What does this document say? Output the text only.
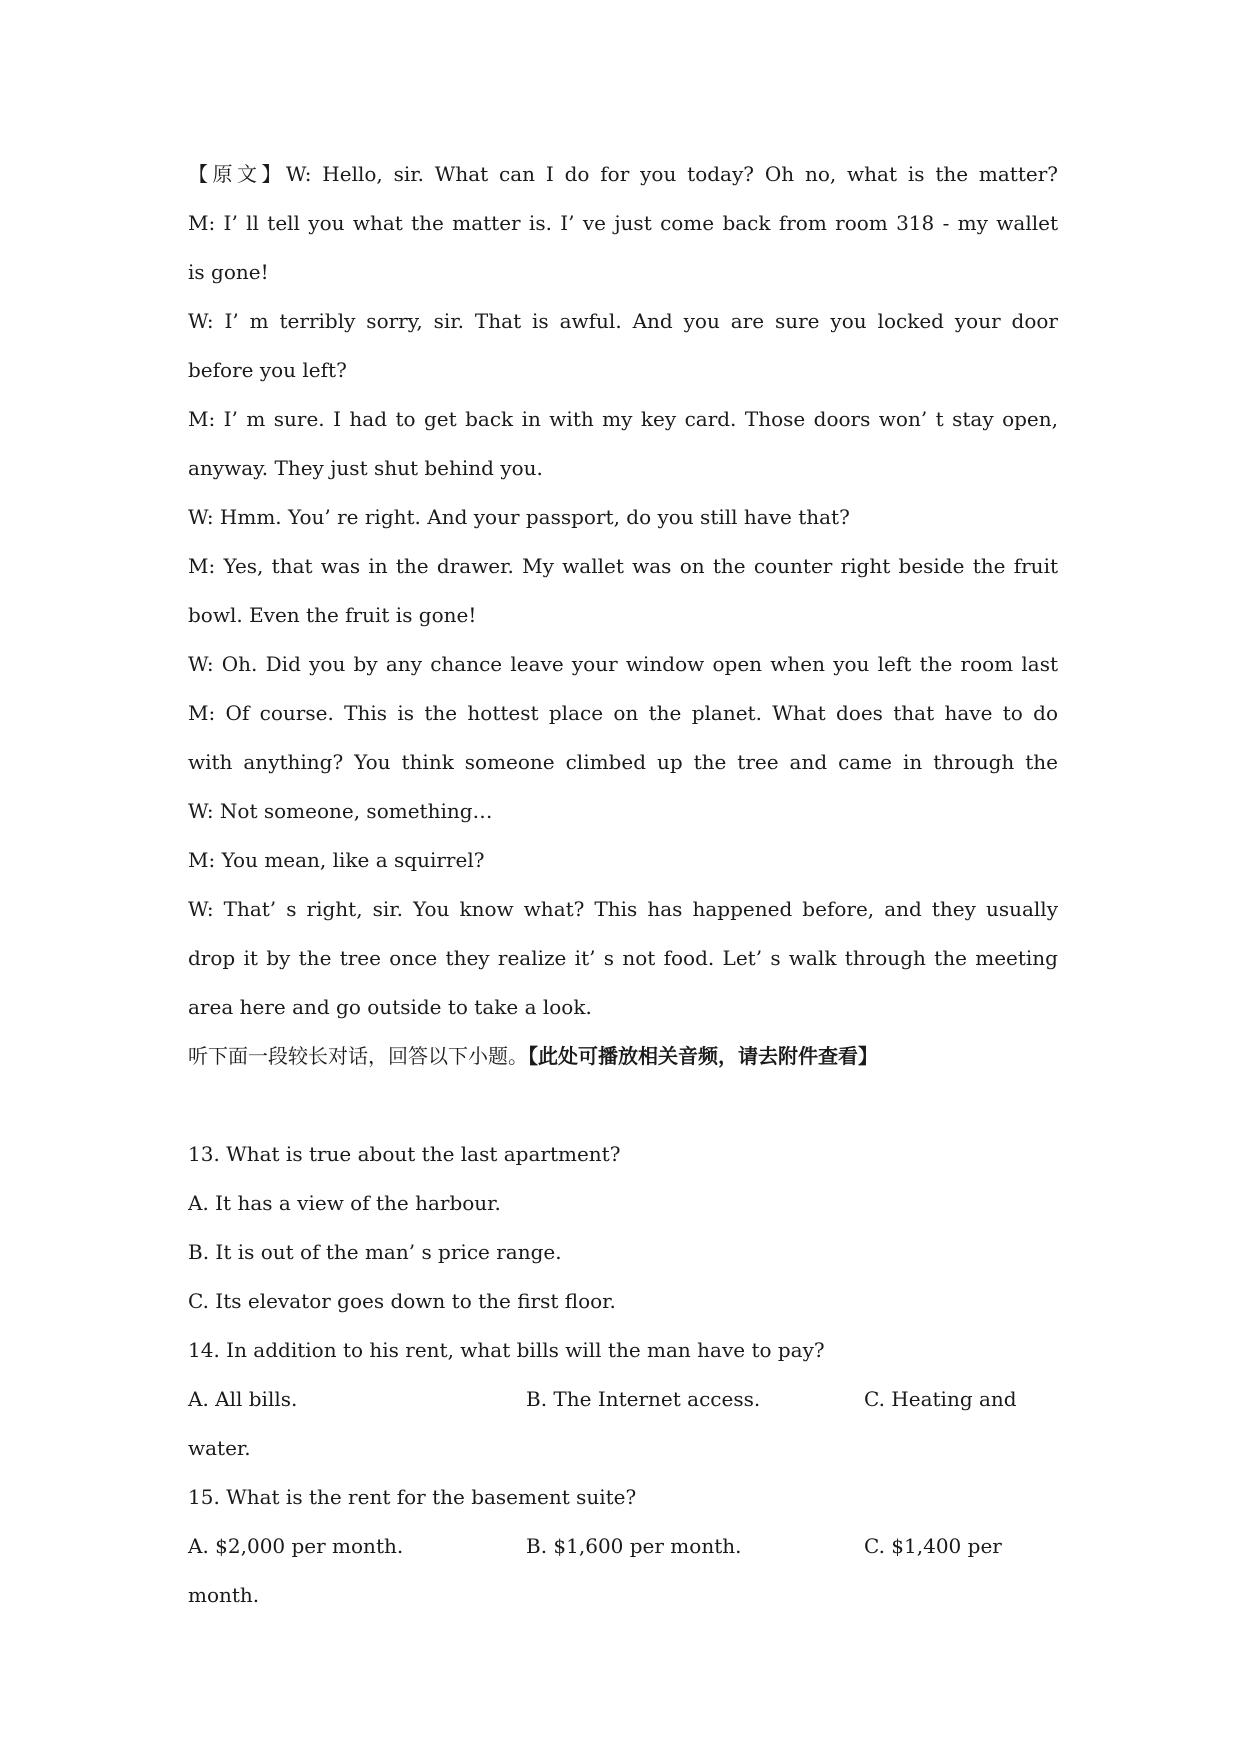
【原文】W: Hello, sir. What can I do for you today? Oh no, what is the matter?
M: I’ ll tell you what the matter is. I’ ve just come back from room 318 - my wallet
is gone!
W: I’ m terribly sorry, sir. That is awful. And you are sure you locked your door
before you left?
M: I’ m sure. I had to get back in with my key card. Those doors won’ t stay open,
anyway. They just shut behind you.
W: Hmm. You’ re right. And your passport, do you still have that?
M: Yes, that was in the drawer. My wallet was on the counter right beside the fruit
bowl. Even the fruit is gone!
W: Oh. Did you by any chance leave your window open when you left the room last
M: Of course. This is the hottest place on the planet. What does that have to do
with anything? You think someone climbed up the tree and came in through the
W: Not someone, something…
M: You mean, like a squirrel?
W: That’ s right, sir. You know what? This has happened before, and they usually
drop it by the tree once they realize it’ s not food. Let’ s walk through the meeting
area here and go outside to take a look.
听下面一段较长对话，回答以下小题。【此处可播放相关音频，请去附件查看】
13. What is true about the last apartment?
A. It has a view of the harbour.
B. It is out of the man’ s price range.
C. Its elevator goes down to the first floor.
14. In addition to his rent, what bills will the man have to pay?
A. All bills.	B. The Internet access.	C. Heating and
water.
15. What is the rent for the basement suite?
A. $2,000 per month.	B. $1,600 per month.	C. $1,400 per
month.
